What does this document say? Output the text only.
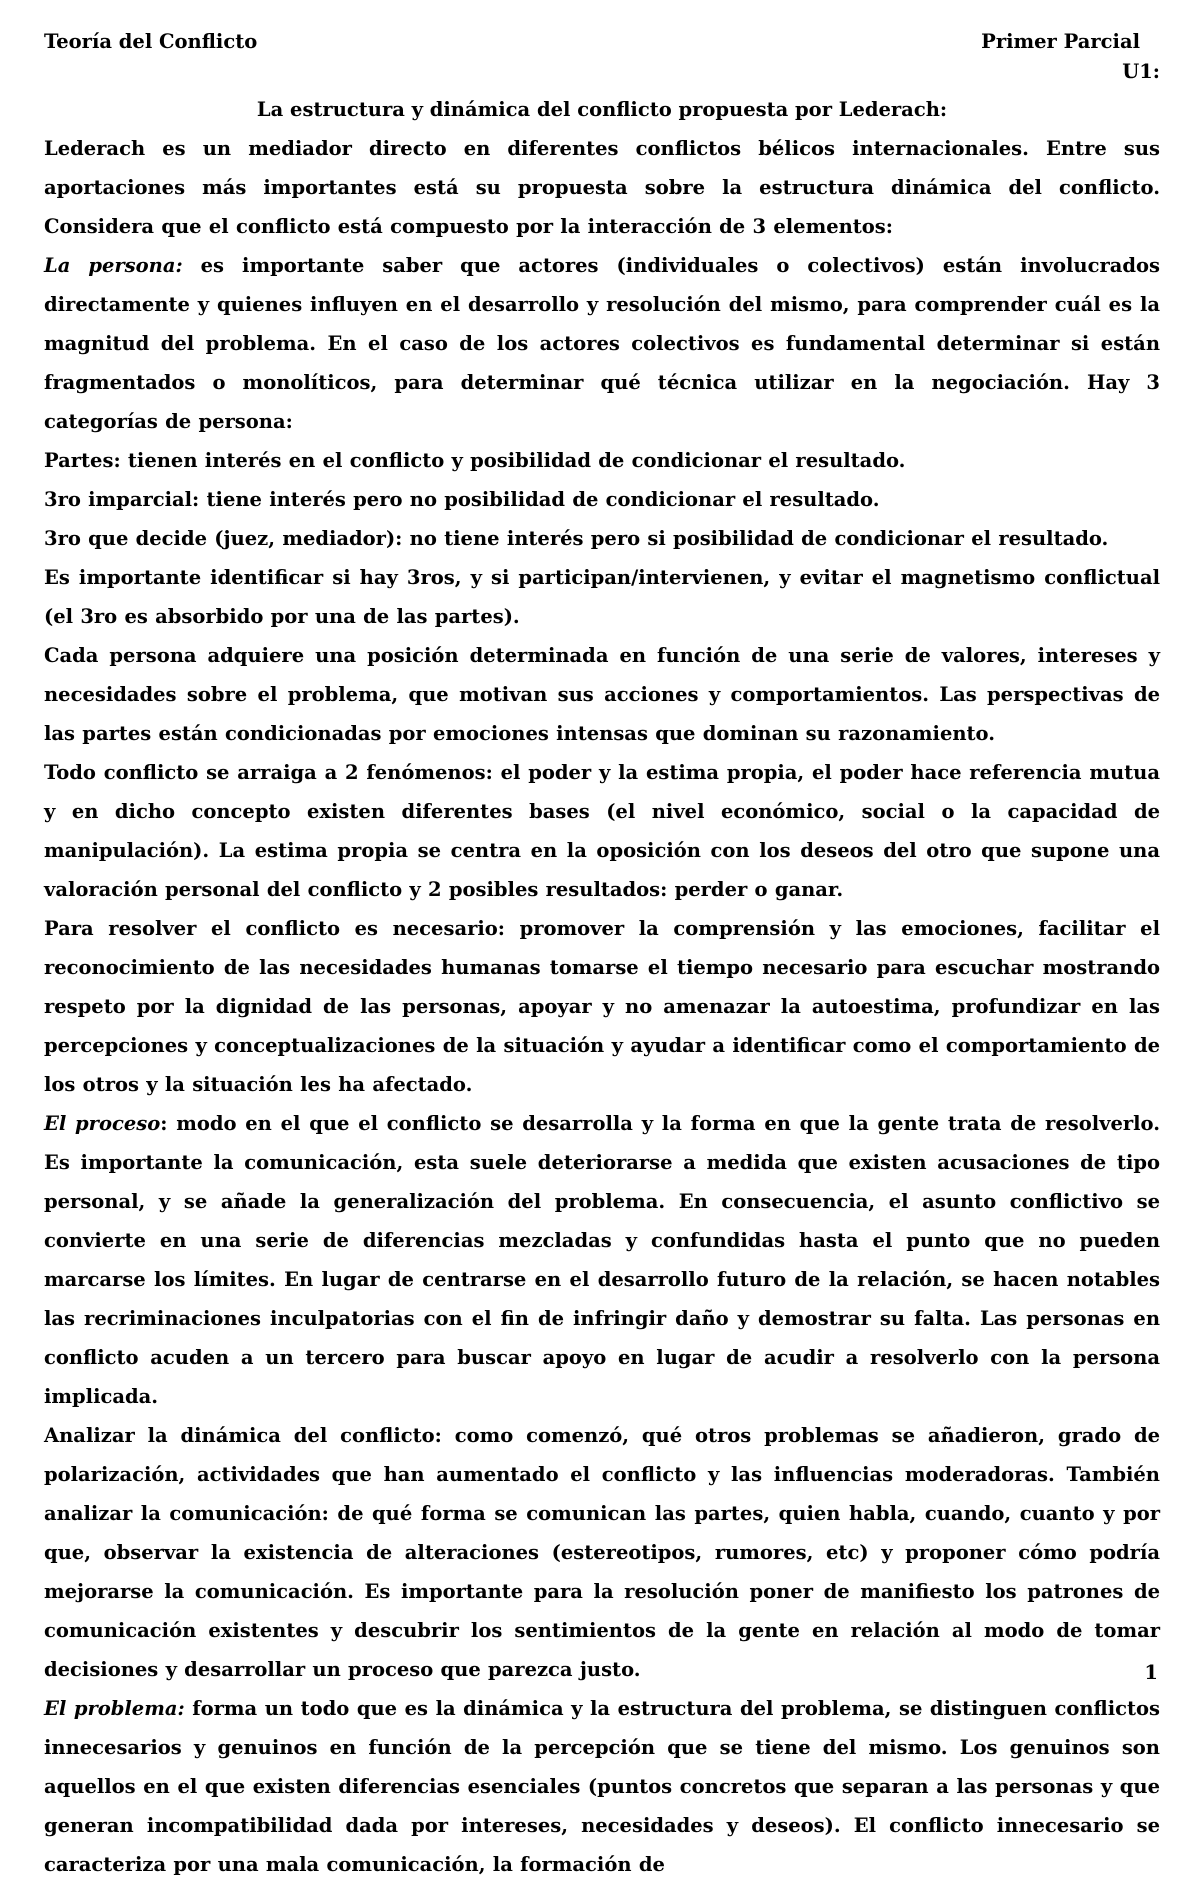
Teoría del Conflicto	Primer Parcial
U1:
La estructura y dinámica del conflicto propuesta por Lederach:

Lederach es un mediador directo en diferentes conflictos bélicos internacionales. Entre sus aportaciones más importantes está su propuesta sobre la estructura dinámica del conflicto. Considera que el conflicto está compuesto por la interacción de 3 elementos:

La persona: es importante saber que actores (individuales o colectivos) están involucrados directamente y quienes influyen en el desarrollo y resolución del mismo, para comprender cuál es la magnitud del problema. En el caso de los actores colectivos es fundamental determinar si están fragmentados o monolíticos, para determinar qué técnica utilizar en la negociación. Hay 3 categorías de persona:

Partes: tienen interés en el conflicto y posibilidad de condicionar el resultado.

3ro imparcial: tiene interés pero no posibilidad de condicionar el resultado.

3ro que decide (juez, mediador): no tiene interés pero si posibilidad de condicionar el resultado.

Es importante identificar si hay 3ros, y si participan/intervienen, y evitar el magnetismo conflictual (el 3ro es absorbido por una de las partes).

Cada persona adquiere una posición determinada en función de una serie de valores, intereses y necesidades sobre el problema, que motivan sus acciones y comportamientos. Las perspectivas de las partes están condicionadas por emociones intensas que dominan su razonamiento.

Todo conflicto se arraiga a 2 fenómenos: el poder y la estima propia, el poder hace referencia mutua y en dicho concepto existen diferentes bases (el nivel económico, social o la capacidad de manipulación). La estima propia se centra en la oposición con los deseos del otro que supone una valoración personal del conflicto y 2 posibles resultados: perder o ganar.

Para resolver el conflicto es necesario: promover la comprensión y las emociones, facilitar el reconocimiento de las necesidades humanas tomarse el tiempo necesario para escuchar mostrando respeto por la dignidad de las personas, apoyar y no amenazar la autoestima, profundizar en las percepciones y conceptualizaciones de la situación y ayudar a identificar como el comportamiento de los otros y la situación les ha afectado.

El proceso: modo en el que el conflicto se desarrolla y la forma en que la gente trata de resolverlo. Es importante la comunicación, esta suele deteriorarse a medida que existen acusaciones de tipo personal, y se añade la generalización del problema. En consecuencia, el asunto conflictivo se convierte en una serie de diferencias mezcladas y confundidas hasta el punto que no pueden marcarse los límites. En lugar de centrarse en el desarrollo futuro de la relación, se hacen notables las recriminaciones inculpatorias con el fin de infringir daño y demostrar su falta. Las personas en conflicto acuden a un tercero para buscar apoyo en lugar de acudir a resolverlo con la persona implicada.

Analizar la dinámica del conflicto: como comenzó, qué otros problemas se añadieron, grado de polarización, actividades que han aumentado el conflicto y las influencias moderadoras. También analizar la comunicación: de qué forma se comunican las partes, quien habla, cuando, cuanto y por que, observar la existencia de alteraciones (estereotipos, rumores, etc) y proponer cómo podría mejorarse la comunicación. Es importante para la resolución poner de manifiesto los patrones de comunicación existentes y descubrir los sentimientos de la gente en relación al modo de tomar decisiones y desarrollar un proceso que parezca justo.

El problema: forma un todo que es la dinámica y la estructura del problema, se distinguen conflictos innecesarios y genuinos en función de la percepción que se tiene del mismo. Los genuinos son aquellos en el que existen diferencias esenciales (puntos concretos que separan a las personas y que generan incompatibilidad dada por intereses, necesidades y deseos). El conflicto innecesario se caracteriza por una mala comunicación, la formación de

1
